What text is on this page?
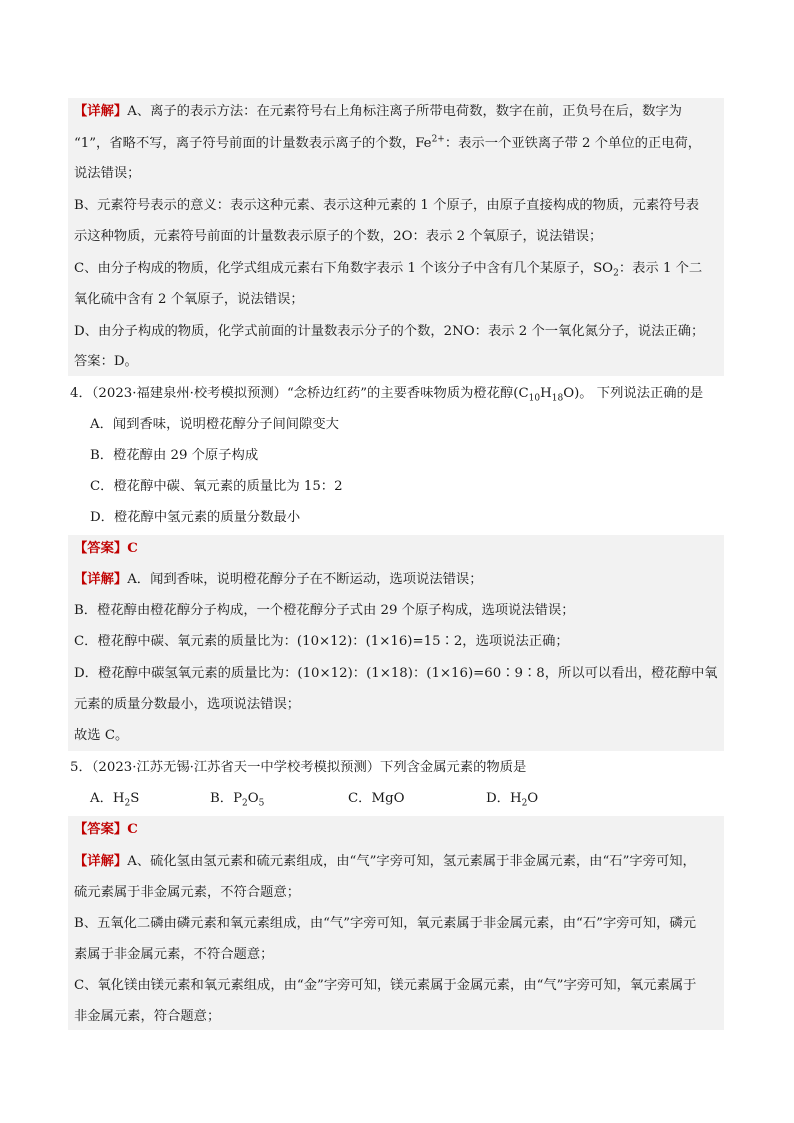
【详解】A、离子的表示方法：在元素符号右上角标注离子所带电荷数，数字在前，正负号在后，数字为
“1”，省略不写，离子符号前面的计量数表示离子的个数，$Fe^{2+}$：表示一个亚铁离子带 2 个单位的正电荷，
说法错误；
B、元素符号表示的意义：表示这种元素、表示这种元素的 1 个原子，由原子直接构成的物质，元素符号表
示这种物质，元素符号前面的计量数表示原子的个数，2O：表示 2 个氧原子，说法错误；
C、由分子构成的物质，化学式组成元素右下角数字表示 1 个该分子中含有几个某原子，$SO_2$：表示 1 个二
氧化硫中含有 2 个氧原子，说法错误；
D、由分子构成的物质，化学式前面的计量数表示分子的个数，2NO：表示 2 个一氧化氮分子，说法正确；
答案：D。
4．（2023·福建泉州·校考模拟预测）“念桥边红药”的主要香味物质为橙花醇$(C_{10}H_{18}O)$。 下列说法正确的是
A．闻到香味，说明橙花醇分子间间隙变大
B．橙花醇由 29 个原子构成
C．橙花醇中碳、氧元素的质量比为 15：2
D．橙花醇中氢元素的质量分数最小
【答案】C
【详解】A．闻到香味，说明橙花醇分子在不断运动，选项说法错误；
B．橙花醇由橙花醇分子构成，一个橙花醇分子式由 29 个原子构成，选项说法错误；
C．橙花醇中碳、氧元素的质量比为：(10×12)：(1×16)=15∶2，选项说法正确；
D．橙花醇中碳氢氧元素的质量比为：(10×12)：(1×18)：(1×16)=60∶9∶8，所以可以看出，橙花醇中氧
元素的质量分数最小，选项说法错误；
故选 C。
5．（2023·江苏无锡·江苏省天一中学校考模拟预测）下列含金属元素的物质是
A．$H_2S$	B．$P_2O_5$	C．MgO	D．$H_2O$
【答案】C
【详解】A、硫化氢由氢元素和硫元素组成，由“气”字旁可知，氢元素属于非金属元素，由“石”字旁可知，
硫元素属于非金属元素，不符合题意；
B、五氧化二磷由磷元素和氧元素组成，由“气”字旁可知，氧元素属于非金属元素，由“石”字旁可知，磷元
素属于非金属元素，不符合题意；
C、氧化镁由镁元素和氧元素组成，由“金”字旁可知，镁元素属于金属元素，由“气”字旁可知，氧元素属于
非金属元素，符合题意；
